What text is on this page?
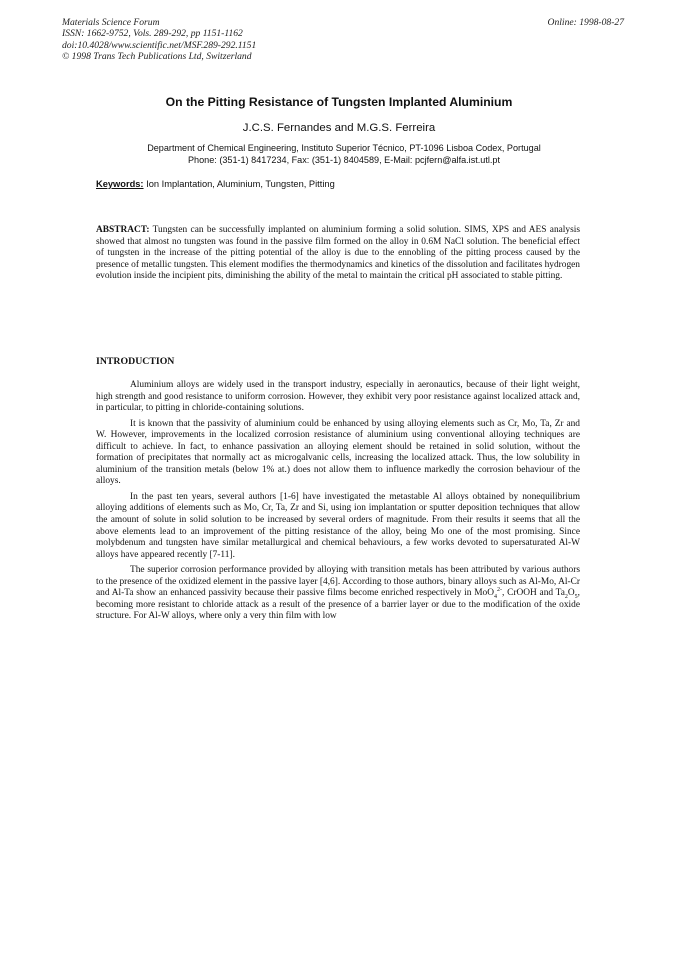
Materials Science Forum
ISSN: 1662-9752, Vols. 289-292, pp 1151-1162
doi:10.4028/www.scientific.net/MSF.289-292.1151
© 1998 Trans Tech Publications Ltd, Switzerland
Online: 1998-08-27
On the Pitting Resistance of Tungsten Implanted Aluminium
J.C.S. Fernandes and M.G.S. Ferreira
Department of Chemical Engineering, Instituto Superior Técnico, PT-1096 Lisboa Codex, Portugal
Phone: (351-1) 8417234, Fax: (351-1) 8404589, E-Mail: pcjfern@alfa.ist.utl.pt
Keywords: Ion Implantation, Aluminium, Tungsten, Pitting
ABSTRACT: Tungsten can be successfully implanted on aluminium forming a solid solution. SIMS, XPS and AES analysis showed that almost no tungsten was found in the passive film formed on the alloy in 0.6M NaCl solution. The beneficial effect of tungsten in the increase of the pitting potential of the alloy is due to the ennobling of the pitting process caused by the presence of metallic tungsten. This element modifies the thermodynamics and kinetics of the dissolution and facilitates hydrogen evolution inside the incipient pits, diminishing the ability of the metal to maintain the critical pH associated to stable pitting.
INTRODUCTION

Aluminium alloys are widely used in the transport industry, especially in aeronautics, because of their light weight, high strength and good resistance to uniform corrosion. However, they exhibit very poor resistance against localized attack and, in particular, to pitting in chloride-containing solutions.

It is known that the passivity of aluminium could be enhanced by using alloying elements such as Cr, Mo, Ta, Zr and W. However, improvements in the localized corrosion resistance of aluminium using conventional alloying techniques are difficult to achieve. In fact, to enhance passivation an alloying element should be retained in solid solution, without the formation of precipitates that normally act as microgalvanic cells, increasing the localized attack. Thus, the low solubility in aluminium of the transition metals (below 1% at.) does not allow them to influence markedly the corrosion behaviour of the alloys.

In the past ten years, several authors [1-6] have investigated the metastable Al alloys obtained by nonequilibrium alloying additions of elements such as Mo, Cr, Ta, Zr and Si, using ion implantation or sputter deposition techniques that allow the amount of solute in solid solution to be increased by several orders of magnitude. From their results it seems that all the above elements lead to an improvement of the pitting resistance of the alloy, being Mo one of the most promising. Since molybdenum and tungsten have similar metallurgical and chemical behaviours, a few works devoted to supersaturated Al-W alloys have appeared recently [7-11].

The superior corrosion performance provided by alloying with transition metals has been attributed by various authors to the presence of the oxidized element in the passive layer [4,6]. According to those authors, binary alloys such as Al-Mo, Al-Cr and Al-Ta show an enhanced passivity because their passive films become enriched respectively in MoO$_4^{2-}$, CrOOH and $Ta_2O_5$, becoming more resistant to chloride attack as a result of the presence of a barrier layer or due to the modification of the oxide structure. For Al-W alloys, where only a very thin film with low
